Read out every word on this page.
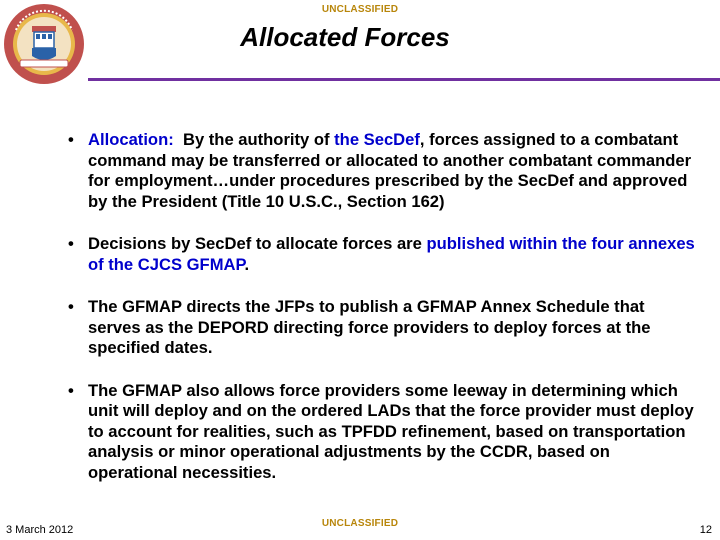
UNCLASSIFIED
Allocated Forces
• Allocation:  By the authority of the SecDef, forces assigned to a combatant command may be transferred or allocated to another combatant commander for employment…under procedures prescribed by the SecDef and approved by the President (Title 10 U.S.C., Section 162)
• Decisions by SecDef to allocate forces are published within the four annexes of the CJCS GFMAP.
• The GFMAP directs the JFPs to publish a GFMAP Annex Schedule that serves as the DEPORD directing force providers to deploy forces at the specified dates.
• The GFMAP also allows force providers some leeway in determining which unit will deploy and on the ordered LADs that the force provider must deploy to account for realities, such as TPFDD refinement, based on transportation analysis or minor operational adjustments by the CCDR, based on operational necessities.
UNCLASSIFIED
3 March 2012	12
